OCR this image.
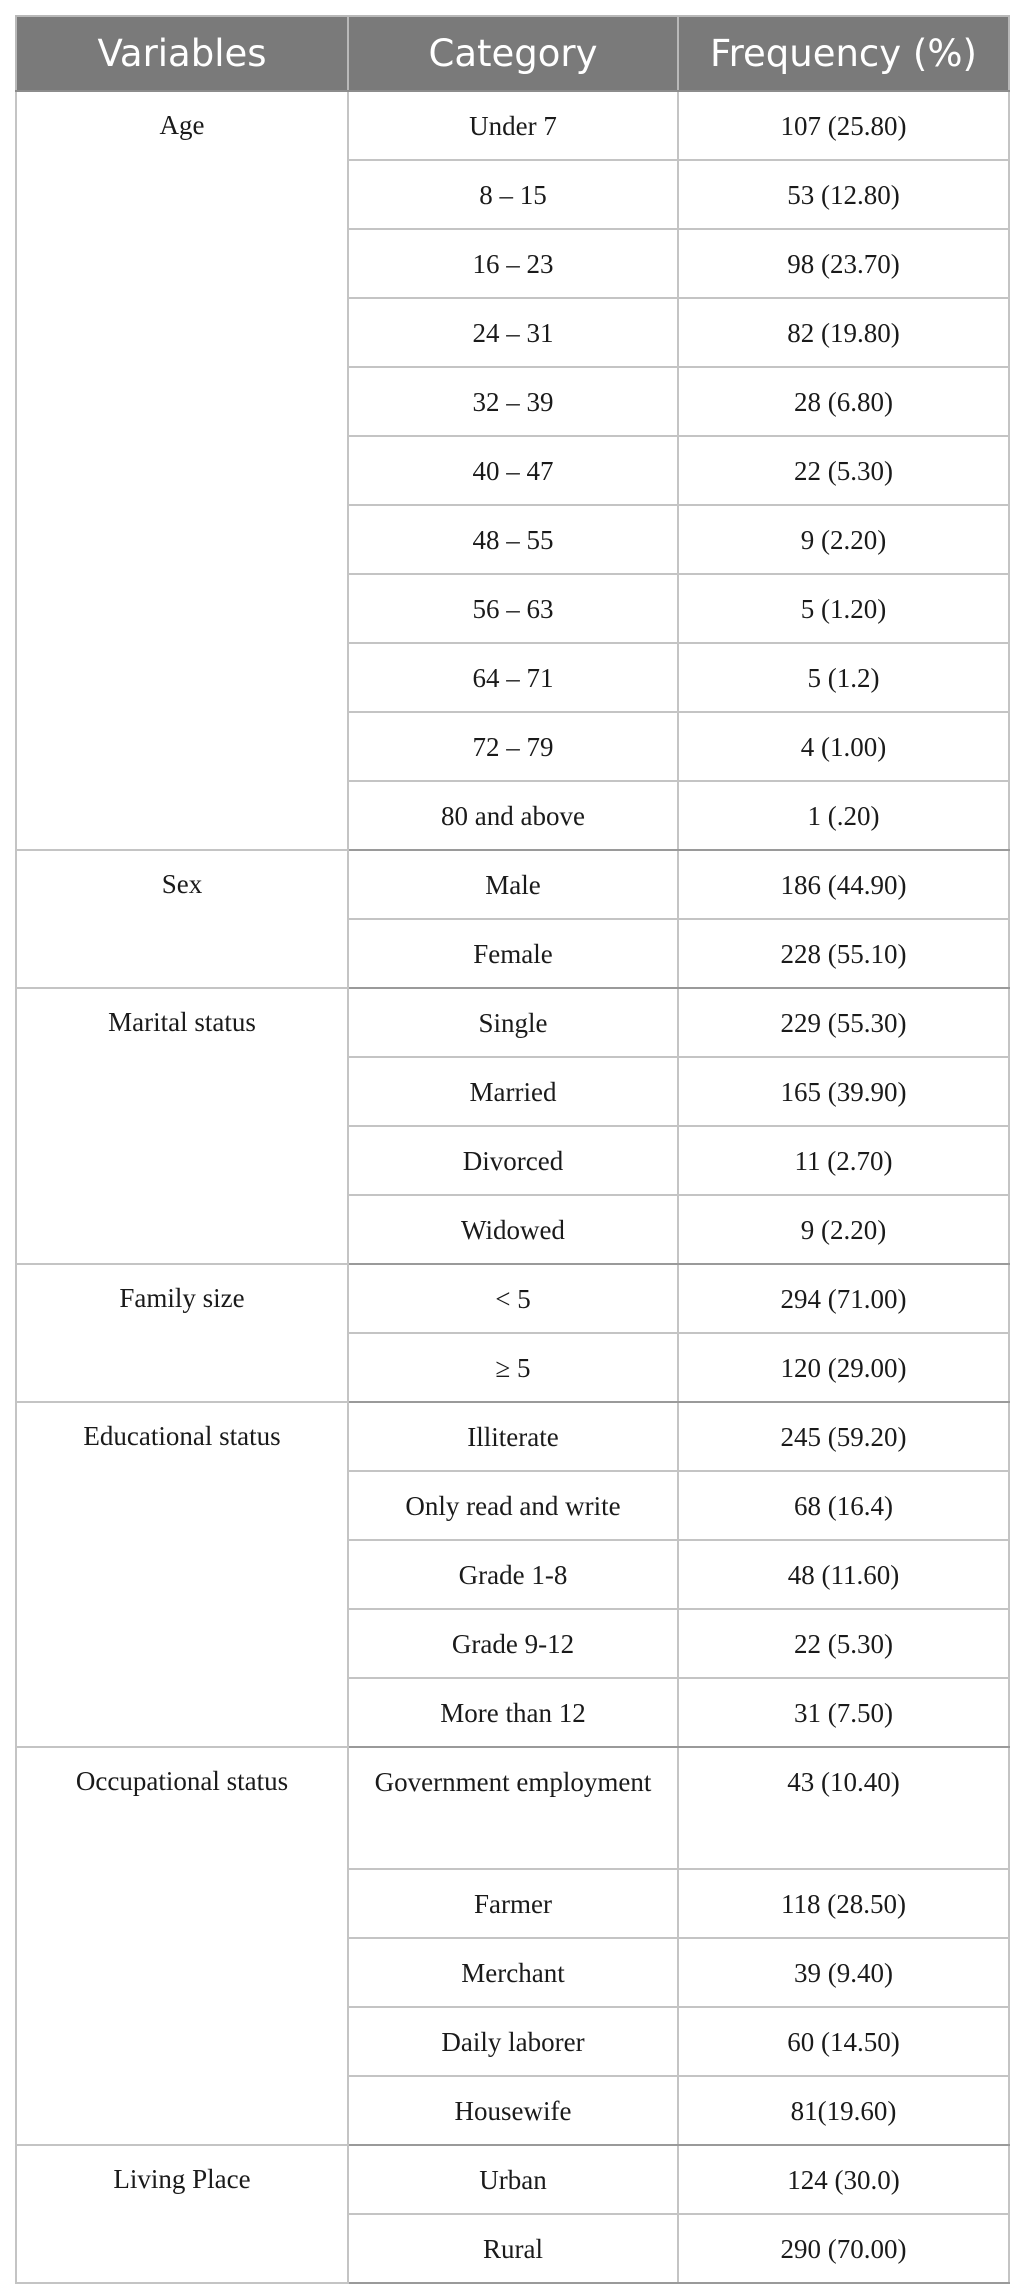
Variables	Category	Frequency (%)
Age	Under 7	107 (25.80)
	8 – 15	53 (12.80)
	16 – 23	98 (23.70)
	24 – 31	82 (19.80)
	32 – 39	28 (6.80)
	40 – 47	22 (5.30)
	48 – 55	9 (2.20)
	56 – 63	5 (1.20)
	64 – 71	5 (1.2)
	72 – 79	4 (1.00)
	80 and above	1 (.20)
Sex	Male	186 (44.90)
	Female	228 (55.10)
Marital status	Single	229 (55.30)
	Married	165 (39.90)
	Divorced	11 (2.70)
	Widowed	9 (2.20)
Family size	< 5	294 (71.00)
	≥ 5	120 (29.00)
Educational status	Illiterate	245 (59.20)
	Only read and write	68 (16.4)
	Grade 1-8	48 (11.60)
	Grade 9-12	22 (5.30)
	More than 12	31 (7.50)
Occupational status	Government employment	43 (10.40)
	Farmer	118 (28.50)
	Merchant	39 (9.40)
	Daily laborer	60 (14.50)
	Housewife	81(19.60)
Living Place	Urban	124 (30.0)
	Rural	290 (70.00)
